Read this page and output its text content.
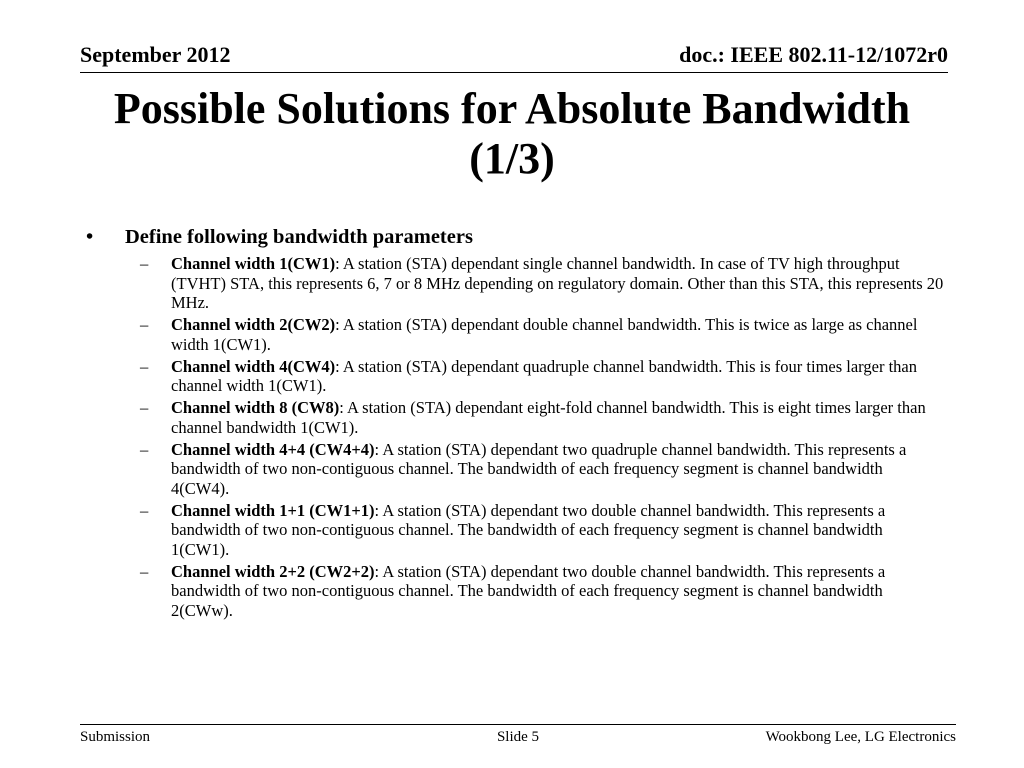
September 2012	doc.: IEEE 802.11-12/1072r0
Possible Solutions for Absolute Bandwidth
(1/3)
• Define following bandwidth parameters
– Channel width 1(CW1): A station (STA) dependant single channel bandwidth. In case of TV high throughput (TVHT) STA, this represents 6, 7 or 8 MHz depending on regulatory domain. Other than this STA, this represents 20 MHz.
– Channel width 2(CW2): A station (STA) dependant double channel bandwidth. This is twice as large as channel width 1(CW1).
– Channel width 4(CW4): A station (STA) dependant quadruple channel bandwidth. This is four times larger than channel width 1(CW1).
– Channel width 8 (CW8): A station (STA) dependant eight-fold channel bandwidth. This is eight times larger than channel bandwidth 1(CW1).
– Channel width 4+4 (CW4+4): A station (STA) dependant two quadruple channel bandwidth. This represents a bandwidth of two non-contiguous channel. The bandwidth of each frequency segment is channel bandwidth 4(CW4).
– Channel width 1+1 (CW1+1): A station (STA) dependant two double channel bandwidth. This represents a bandwidth of two non-contiguous channel. The bandwidth of each frequency segment is channel bandwidth 1(CW1).
– Channel width 2+2 (CW2+2): A station (STA) dependant two double channel bandwidth. This represents a bandwidth of two non-contiguous channel. The bandwidth of each frequency segment is channel bandwidth 2(CWw).
Submission	Slide 5	Wookbong Lee, LG Electronics
